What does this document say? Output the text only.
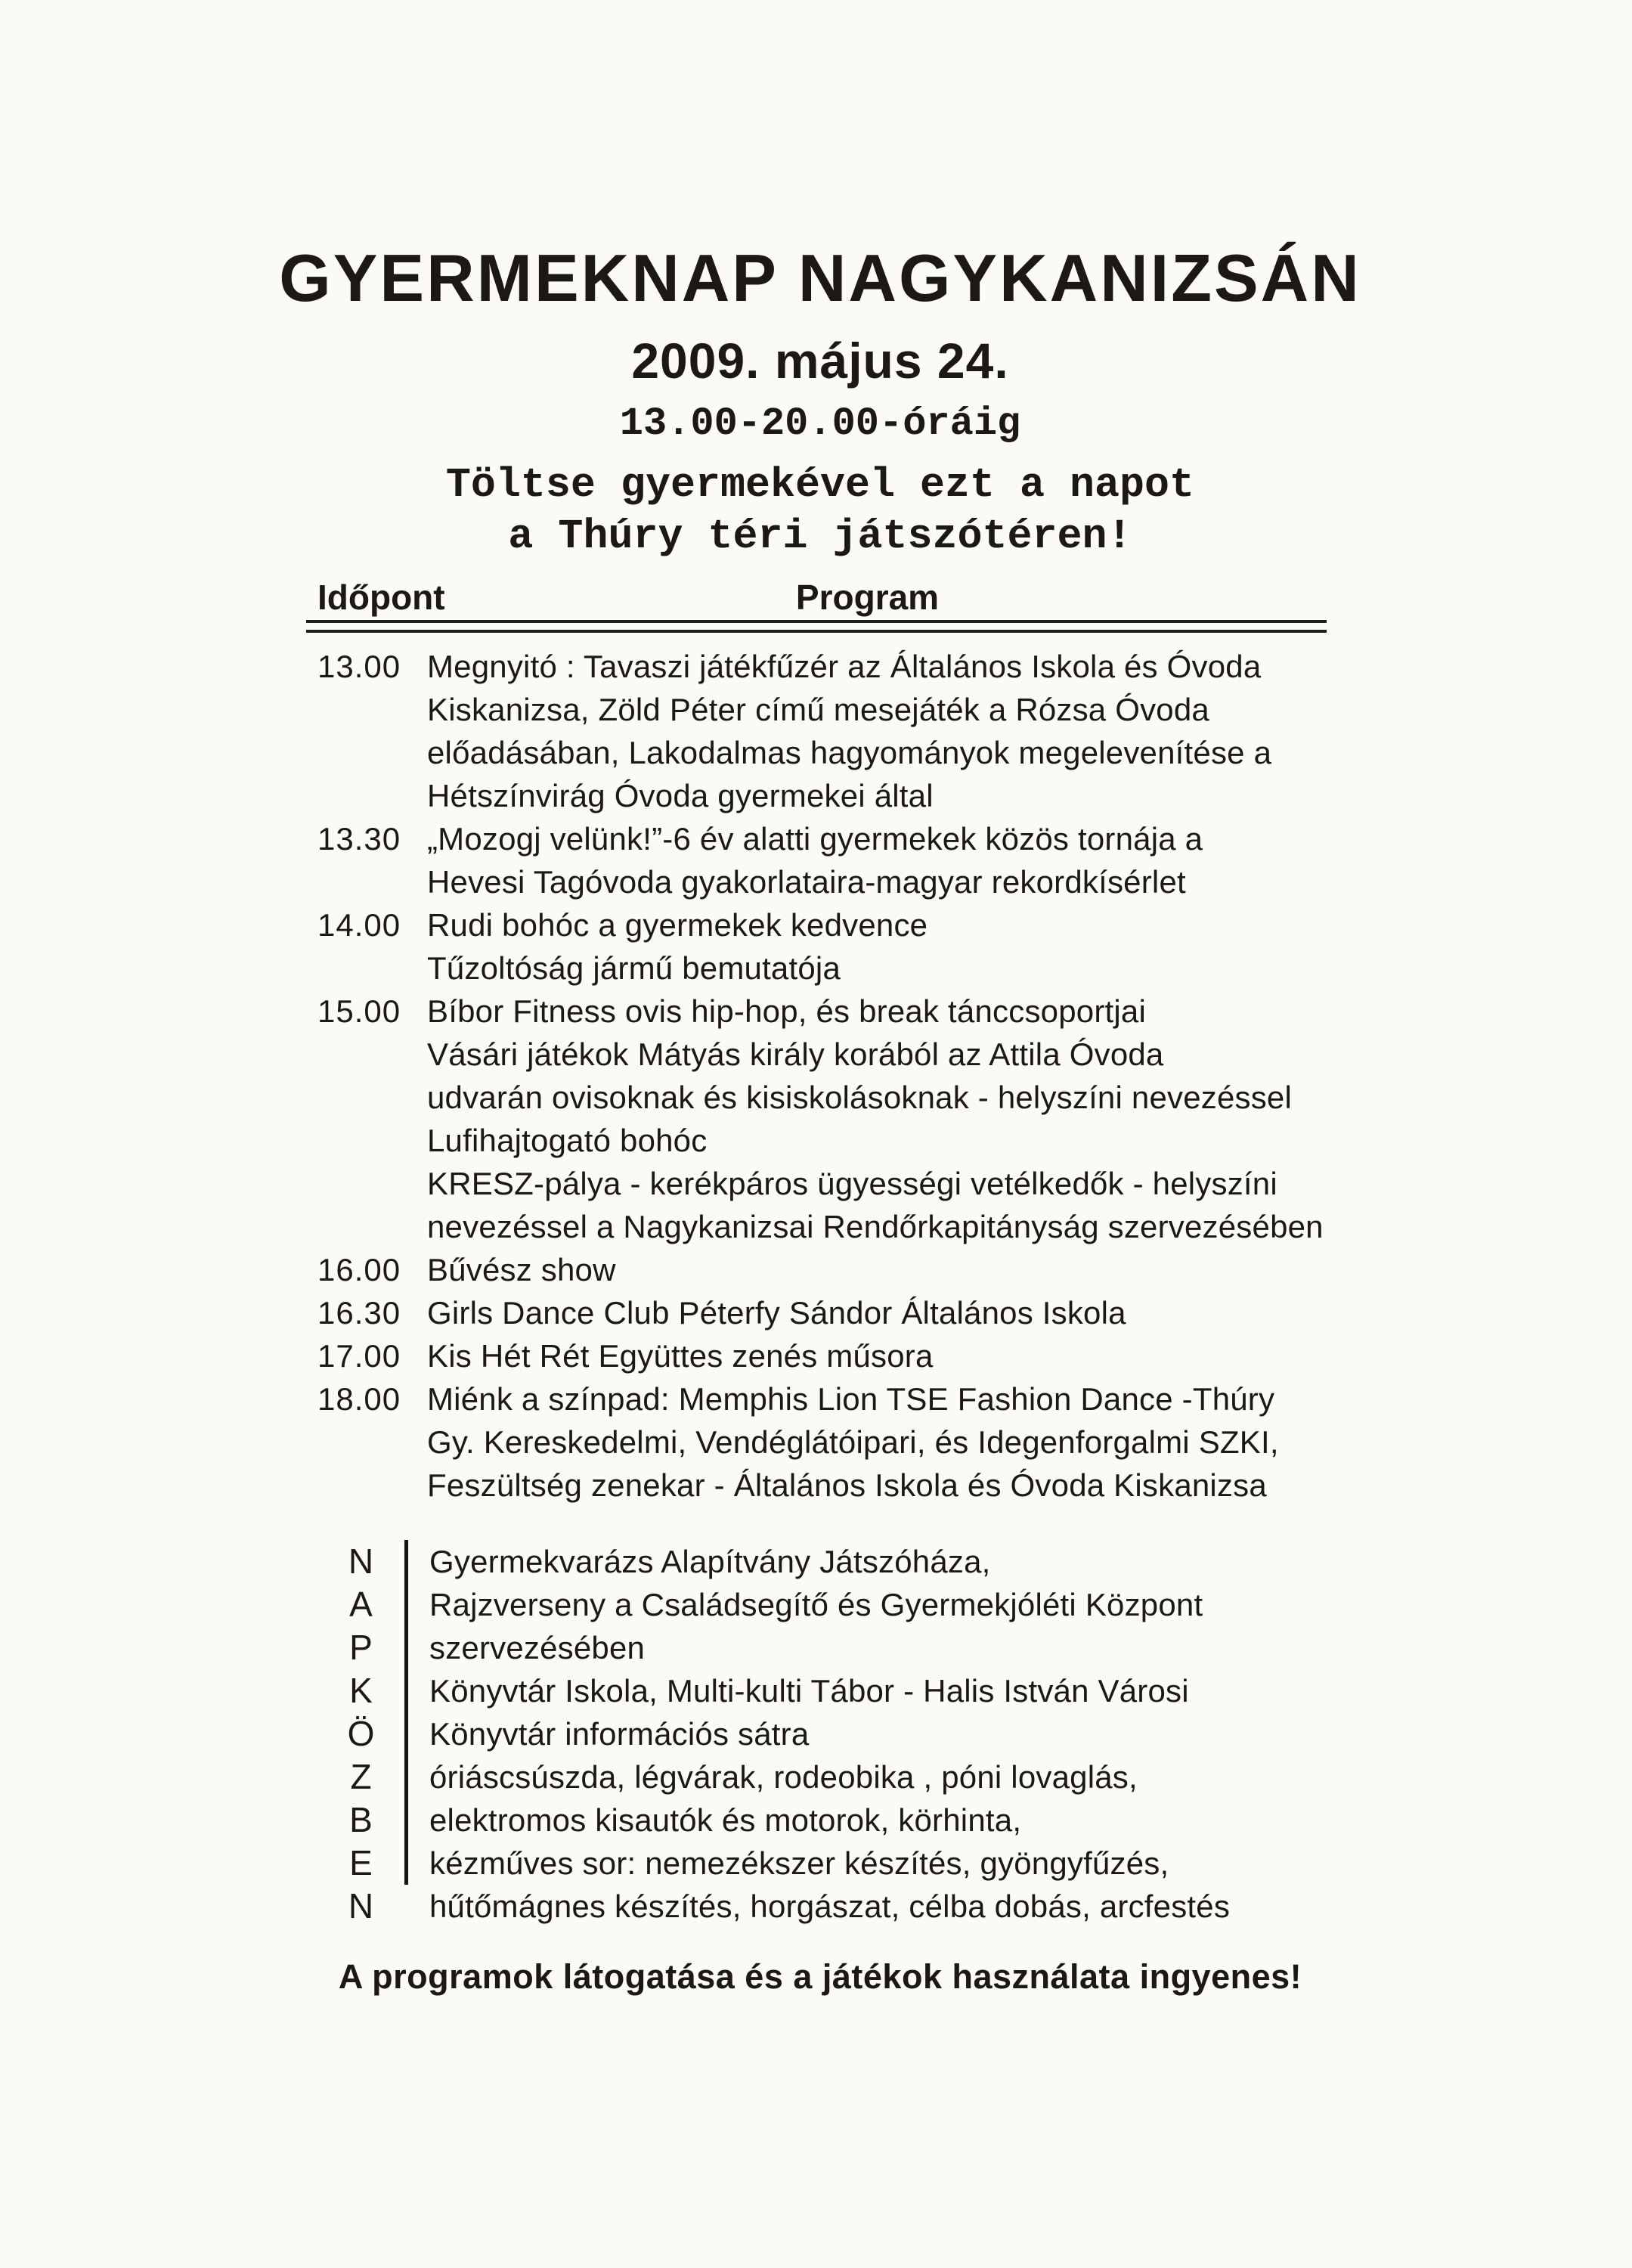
GYERMEKNAP NAGYKANIZSÁN
2009. május 24.
13.00-20.00-óráig
Töltse gyermekével ezt a napot
a Thúry téri játszótéren!
Időpont	Program
13.00 Megnyitó : Tavaszi játékfűzér az Általános Iskola és Óvoda
Kiskanizsa, Zöld Péter című mesejáték a Rózsa Óvoda
előadásában, Lakodalmas hagyományok megelevenítése a
Hétszínvirág Óvoda gyermekei által
13.30 „Mozogj velünk!”-6 év alatti gyermekek közös tornája a
Hevesi Tagóvoda gyakorlataira-magyar rekordkísérlet
14.00 Rudi bohóc a gyermekek kedvence
Tűzoltóság jármű bemutatója
15.00 Bíbor Fitness ovis hip-hop, és break tánccsoportjai
Vásári játékok Mátyás király korából az Attila Óvoda
udvarán ovisoknak és kisiskolásoknak - helyszíni nevezéssel
Lufihajtogató bohóc
KRESZ-pálya - kerékpáros ügyességi vetélkedők - helyszíni
nevezéssel a Nagykanizsai Rendőrkapitányság szervezésében
16.00 Bűvész show
16.30 Girls Dance Club Péterfy Sándor Általános Iskola
17.00 Kis Hét Rét Együttes zenés műsora
18.00 Miénk a színpad: Memphis Lion TSE Fashion Dance -Thúry
Gy. Kereskedelmi, Vendéglátóipari, és Idegenforgalmi SZKI,
Feszültség zenekar - Általános Iskola és Óvoda Kiskanizsa
N	Gyermekvarázs Alapítvány Játszóháza,
A	Rajzverseny a Családsegítő és Gyermekjóléti Központ
P	szervezésében
K	Könyvtár Iskola, Multi-kulti Tábor - Halis István Városi
Ö	Könyvtár információs sátra
Z	óriáscsúszda, légvárak, rodeobika , póni lovaglás,
B	elektromos kisautók és motorok, körhinta,
E	kézműves sor: nemezékszer készítés, gyöngyfűzés,
N	hűtőmágnes készítés, horgászat, célba dobás, arcfestés
A programok látogatása és a játékok használata ingyenes!
